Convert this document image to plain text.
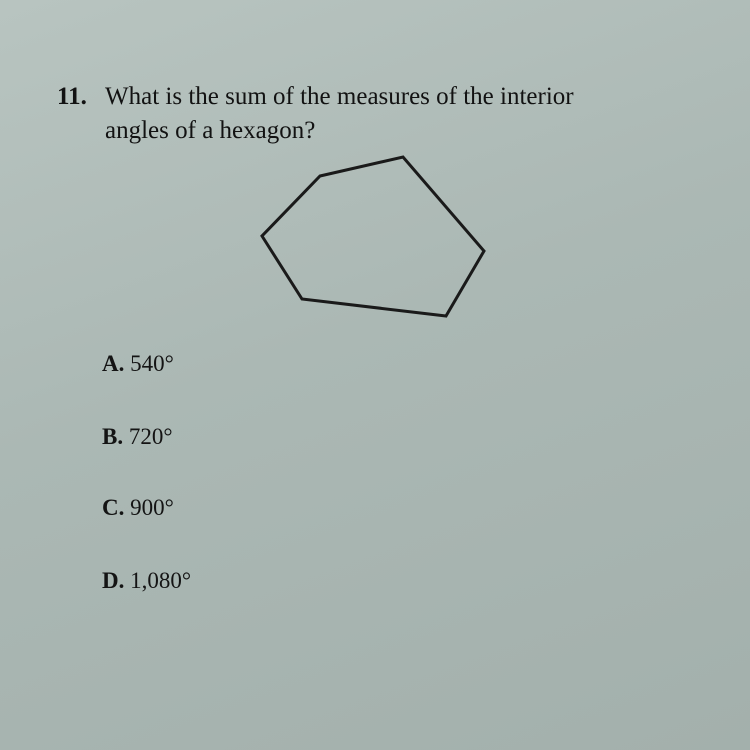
11. What is the sum of the measures of the interior
angles of a hexagon?
A. 540°
B. 720°
C. 900°
D. 1,080°
